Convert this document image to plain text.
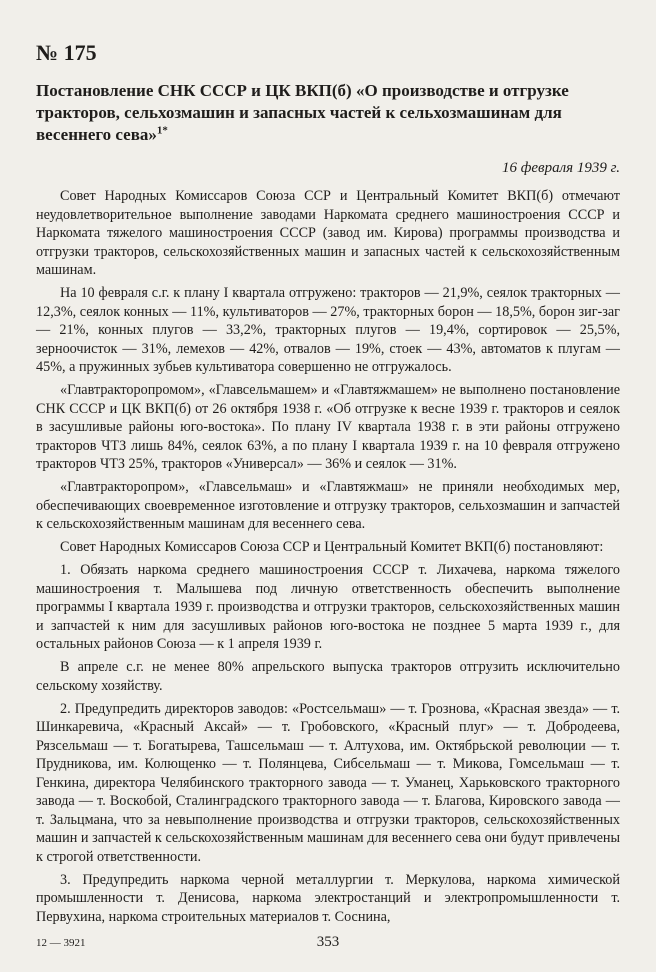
№ 175
Постановление СНК СССР и ЦК ВКП(б) «О производстве и отгрузке тракторов, сельхозмашин и запасных частей к сельхозмашинам для весеннего сева»$^{1*}$
16 февраля 1939 г.

Совет Народных Комиссаров Союза ССР и Центральный Комитет ВКП(б) отмечают неудовлетворительное выполнение заводами Наркомата среднего машиностроения СССР и Наркомата тяжелого машиностроения СССР (завод им. Кирова) программы производства и отгрузки тракторов, сельскохозяйственных машин и запасных частей к сельскохозяйственным машинам.

На 10 февраля с.г. к плану I квартала отгружено: тракторов — 21,9%, сеялок тракторных — 12,3%, сеялок конных — 11%, культиваторов — 27%, тракторных борон — 18,5%, борон зиг-заг — 21%, конных плугов — 33,2%, тракторных плугов — 19,4%, сортировок — 25,5%, зерноочисток — 31%, лемехов — 42%, отвалов — 19%, стоек — 43%, автоматов к плугам — 45%, а пружинных зубьев культиватора совершенно не отгружалось.

«Главтракторопромом», «Главсельмашем» и «Главтяжмашем» не выполнено постановление СНК СССР и ЦК ВКП(б) от 26 октября 1938 г. «Об отгрузке к весне 1939 г. тракторов и сеялок в засушливые районы юго-востока». По плану IV квартала 1938 г. в эти районы отгружено тракторов ЧТЗ лишь 84%, сеялок 63%, а по плану I квартала 1939 г. на 10 февраля отгружено тракторов ЧТЗ 25%, тракторов «Универсал» — 36% и сеялок — 31%.

«Главтракторопром», «Главсельмаш» и «Главтяжмаш» не приняли необходимых мер, обеспечивающих своевременное изготовление и отгрузку тракторов, сельхозмашин и запчастей к сельскохозяйственным машинам для весеннего сева.

Совет Народных Комиссаров Союза ССР и Центральный Комитет ВКП(б) постановляют:

1. Обязать наркома среднего машиностроения СССР т. Лихачева, наркома тяжелого машиностроения т. Малышева под личную ответственность обеспечить выполнение программы I квартала 1939 г. производства и отгрузки тракторов, сельскохозяйственных машин и запчастей к ним для засушливых районов юго-востока не позднее 5 марта 1939 г., для остальных районов Союза — к 1 апреля 1939 г.

В апреле с.г. не менее 80% апрельского выпуска тракторов отгрузить исключительно сельскому хозяйству.

2. Предупредить директоров заводов: «Ростсельмаш» — т. Грознова, «Красная звезда» — т. Шинкаревича, «Красный Аксай» — т. Гробовского, «Красный плуг» — т. Добродеева, Рязсельмаш — т. Богатырева, Ташсельмаш — т. Алтухова, им. Октябрьской революции — т. Прудникова, им. Колющенко — т. Полянцева, Сибсельмаш — т. Микова, Гомсельмаш — т. Генкина, директора Челябинского тракторного завода — т. Уманец, Харьковского тракторного завода — т. Воскобой, Сталинградского тракторного завода — т. Благова, Кировского завода — т. Зальцмана, что за невыполнение производства и отгрузки тракторов, сельскохозяйственных машин и запчастей к сельскохозяйственным машинам для весеннего сева они будут привлечены к строгой ответственности.

3. Предупредить наркома черной металлургии т. Меркулова, наркома химической промышленности т. Денисова, наркома электростанций и электропромышленности т. Первухина, наркома строительных материалов т. Соснина,

12 — 3921	353
